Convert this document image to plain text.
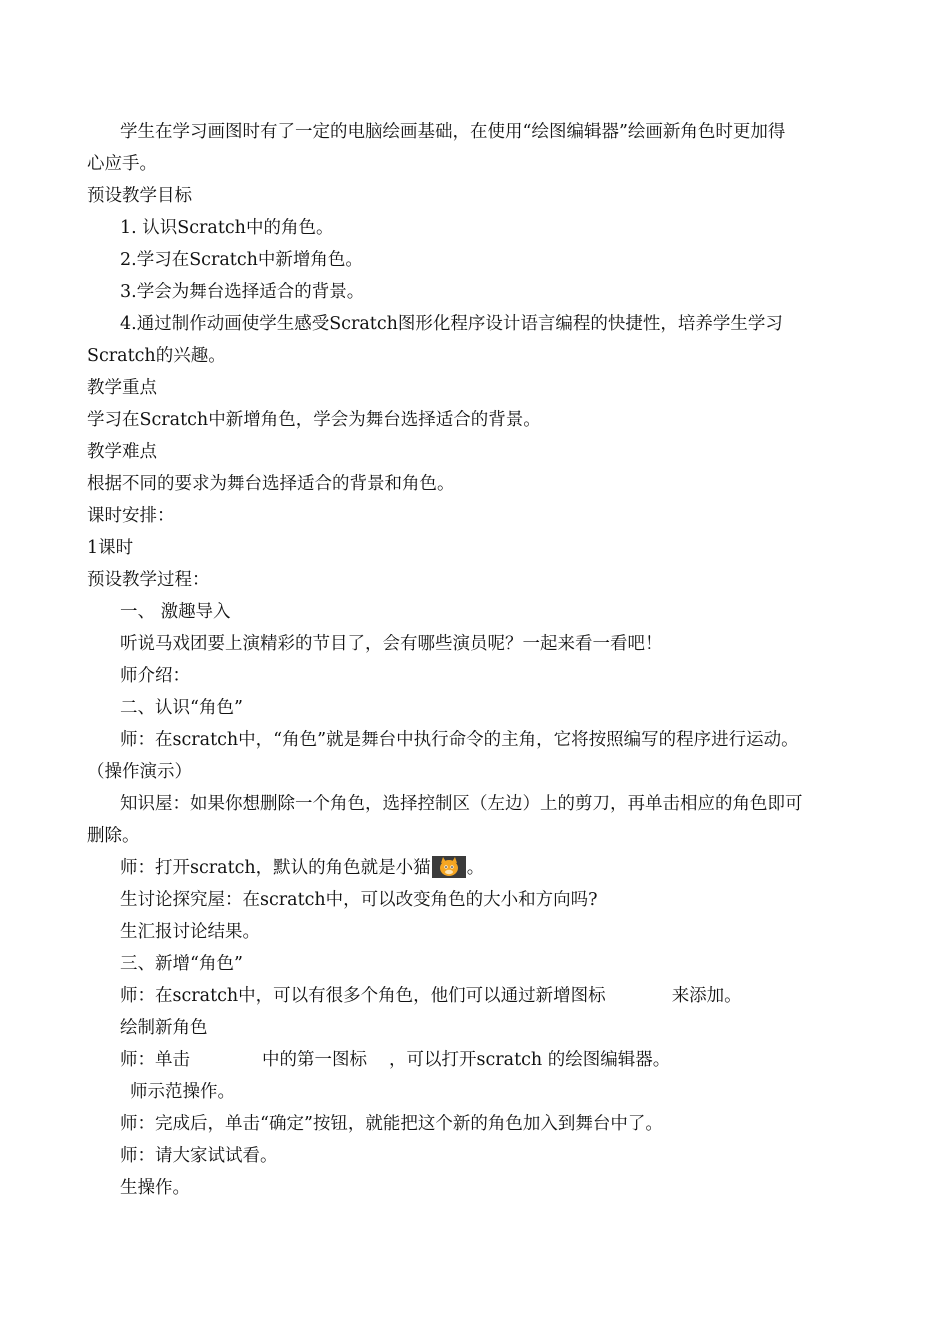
学生在学习画图时有了一定的电脑绘画基础，在使用“绘图编辑器”绘画新角色时更加得
心应手。
预设教学目标
1. 认识Scratch中的角色。
2.学习在Scratch中新增角色。
3.学会为舞台选择适合的背景。
4.通过制作动画使学生感受Scratch图形化程序设计语言编程的快捷性，培养学生学习
Scratch的兴趣。
教学重点
学习在Scratch中新增角色，学会为舞台选择适合的背景。
教学难点
根据不同的要求为舞台选择适合的背景和角色。
课时安排：
1课时
预设教学过程：
一、 激趣导入
听说马戏团要上演精彩的节目了，会有哪些演员呢？一起来看一看吧！
师介绍：
二、认识“角色”
师：在scratch中，“角色”就是舞台中执行命令的主角，它将按照编写的程序进行运动。
（操作演示）
知识屋：如果你想删除一个角色，选择控制区（左边）上的剪刀，再单击相应的角色即可
删除。
师：打开scratch，默认的角色就是小猫 。
生讨论探究屋：在scratch中，可以改变角色的大小和方向吗?
生汇报讨论结果。
三、新增“角色”
师：在scratch中，可以有很多个角色，他们可以通过新增图标	来添加。
绘制新角色
师：单击	中的第一图标 ，可以打开scratch 的绘图编辑器。
师示范操作。
师：完成后，单击“确定”按钮，就能把这个新的角色加入到舞台中了。
师：请大家试试看。
生操作。
